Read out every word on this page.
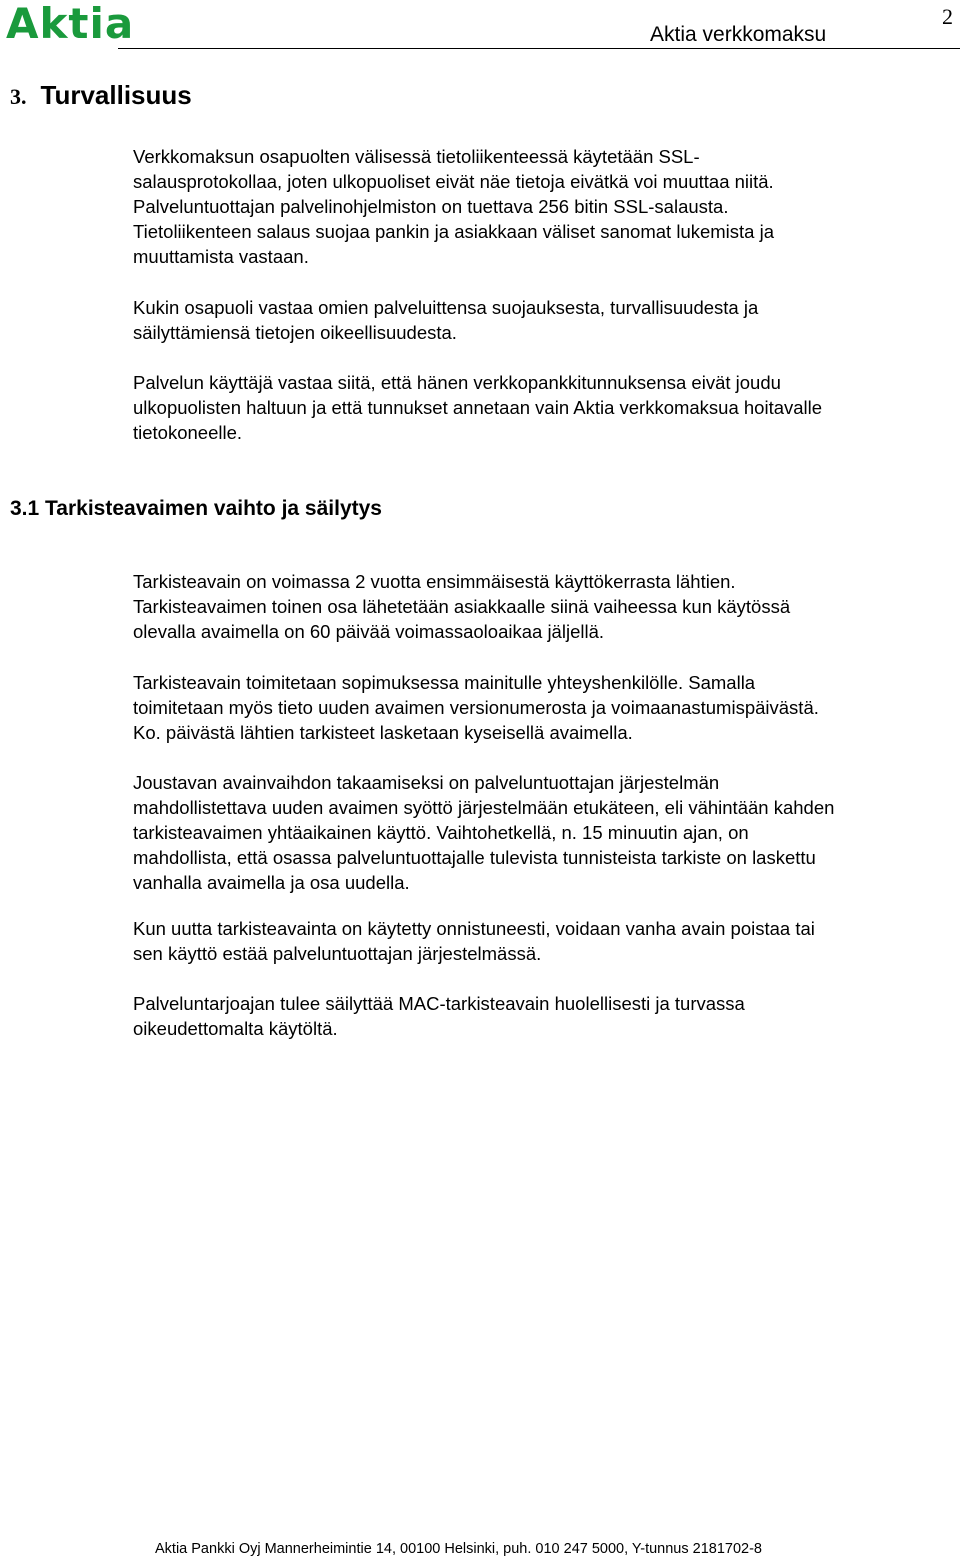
Aktia	Aktia verkkomaksu
2
3. Turvallisuus

Verkkomaksun osapuolten välisessä tietoliikenteessä käytetään SSL-
salausprotokollaa, joten ulkopuoliset eivät näe tietoja eivätkä voi muuttaa niitä.
Palveluntuottajan palvelinohjelmiston on tuettava 256 bitin SSL-salausta.
Tietoliikenteen salaus suojaa pankin ja asiakkaan väliset sanomat lukemista ja
muuttamista vastaan.

Kukin osapuoli vastaa omien palveluittensa suojauksesta, turvallisuudesta ja
säilyttämiensä tietojen oikeellisuudesta.

Palvelun käyttäjä vastaa siitä, että hänen verkkopankkitunnuksensa eivät joudu
ulkopuolisten haltuun ja että tunnukset annetaan vain Aktia verkkomaksua hoitavalle
tietokoneelle.

3.1 Tarkisteavaimen vaihto ja säilytys

Tarkisteavain on voimassa 2 vuotta ensimmäisestä käyttökerrasta lähtien.
Tarkisteavaimen toinen osa lähetetään asiakkaalle siinä vaiheessa kun käytössä
olevalla avaimella on 60 päivää voimassaoloaikaa jäljellä.

Tarkisteavain toimitetaan sopimuksessa mainitulle yhteyshenkilölle. Samalla
toimitetaan myös tieto uuden avaimen versionumerosta ja voimaanastumispäivästä.
Ko. päivästä lähtien tarkisteet lasketaan kyseisellä avaimella.

Joustavan avainvaihdon takaamiseksi on palveluntuottajan järjestelmän
mahdollistettava uuden avaimen syöttö järjestelmään etukäteen, eli vähintään kahden
tarkisteavaimen yhtäaikainen käyttö. Vaihtohetkellä, n. 15 minuutin ajan, on
mahdollista, että osassa palveluntuottajalle tulevista tunnisteista tarkiste on laskettu
vanhalla avaimella ja osa uudella.

Kun uutta tarkisteavainta on käytetty onnistuneesti, voidaan vanha avain poistaa tai
sen käyttö estää palveluntuottajan järjestelmässä.

Palveluntarjoajan tulee säilyttää MAC-tarkisteavain huolellisesti ja turvassa
oikeudettomalta käytöltä.

Aktia Pankki Oyj Mannerheimintie 14, 00100 Helsinki, puh. 010 247 5000, Y-tunnus 2181702-8
